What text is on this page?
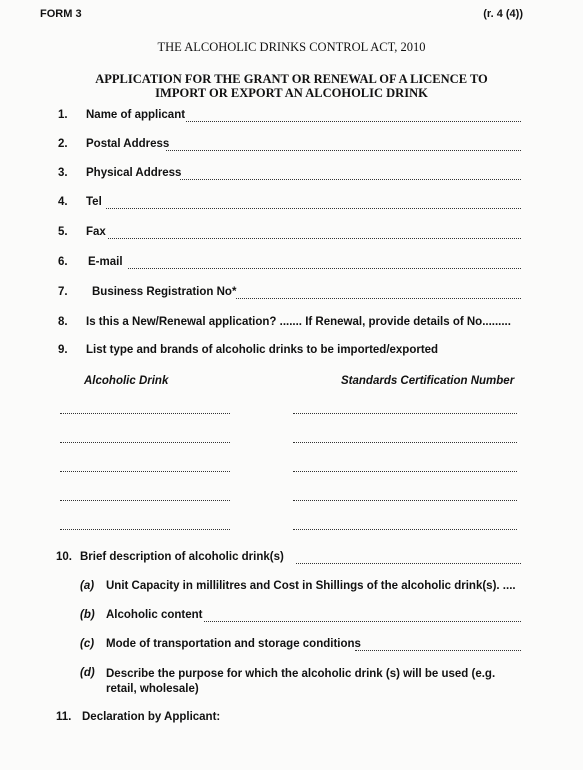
FORM 3	(r. 4 (4))
THE ALCOHOLIC DRINKS CONTROL ACT, 2010
APPLICATION FOR THE GRANT OR RENEWAL OF A LICENCE TO
IMPORT OR EXPORT AN ALCOHOLIC DRINK
1.	Name of applicant
2.	Postal Address
3.	Physical Address
4.	Tel
5.	Fax
6.	E-mail
7.	Business Registration No*
8.	Is this a New/Renewal application? ....... If Renewal, provide details of No.........
9.	List type and brands of alcoholic drinks to be imported/exported
Alcoholic Drink	Standards Certification Number
10. Brief description of alcoholic drink(s)
(a) Unit Capacity in millilitres and Cost in Shillings of the alcoholic drink(s). ....
(b) Alcoholic content
(c) Mode of transportation and storage conditions
(d) Describe the purpose for which the alcoholic drink (s) will be used (e.g. retail, wholesale)
11. Declaration by Applicant:
